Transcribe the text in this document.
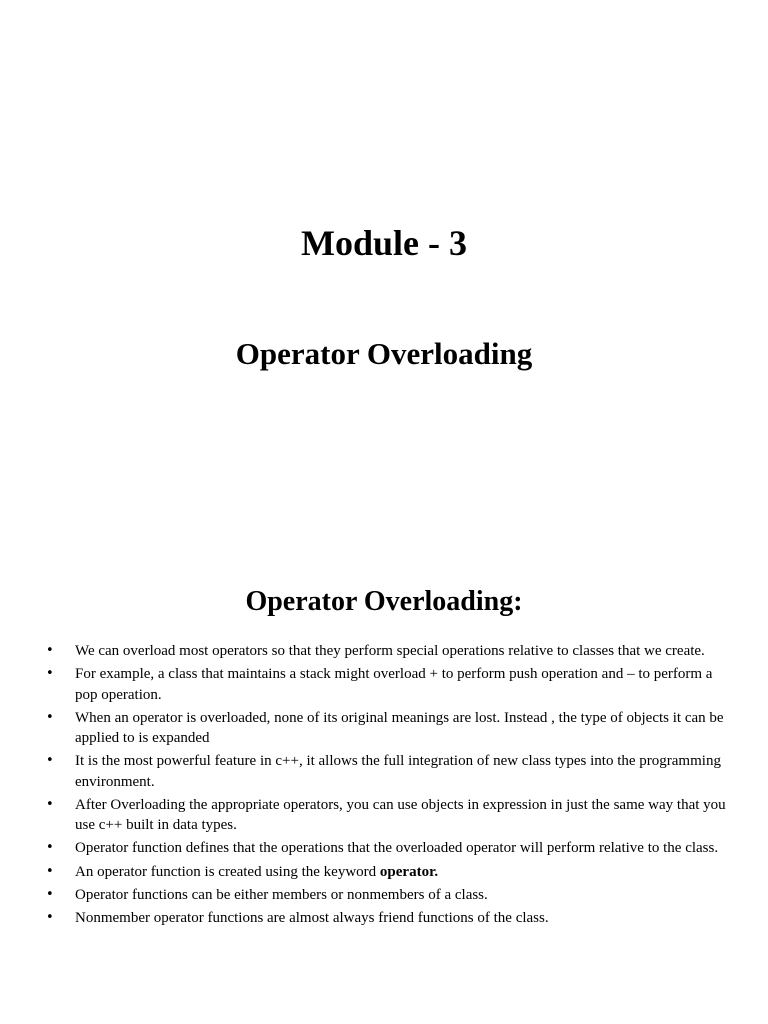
Module - 3
Operator Overloading
Operator Overloading:
• We can overload most operators so that they perform special operations relative to classes that we create.
• For example, a class that maintains a stack might overload + to perform push operation and – to perform a pop operation.
• When an operator is overloaded, none of its original meanings are lost. Instead , the type of objects it can be applied to is expanded
• It is the most powerful feature in c++, it allows the full integration of new class types into the programming environment.
• After Overloading the appropriate operators, you can use objects in expression in just the same way that you use c++ built in data types.
• Operator function defines that the operations that the overloaded operator will perform relative to the class.
• An operator function is created using the keyword operator.
• Operator functions can be either members or nonmembers of a class.
• Nonmember operator functions are almost always friend functions of the class.
